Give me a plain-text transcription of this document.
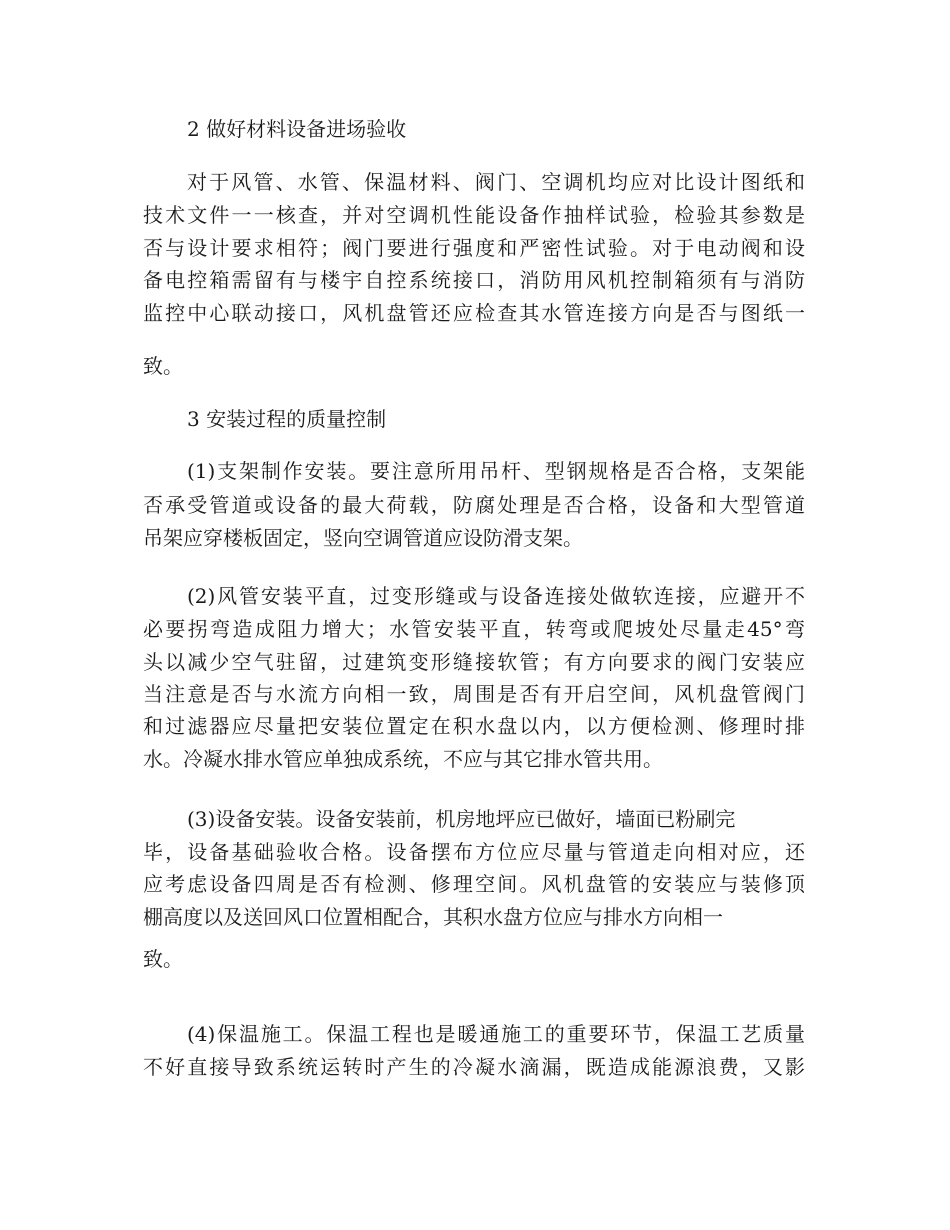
2 做好材料设备进场验收
对于风管、水管、保温材料、阀门、空调机均应对比设计图纸和
技术文件一一核查，并对空调机性能设备作抽样试验，检验其参数是
否与设计要求相符；阀门要进行强度和严密性试验。对于电动阀和设
备电控箱需留有与楼宇自控系统接口，消防用风机控制箱须有与消防
监控中心联动接口，风机盘管还应检查其水管连接方向是否与图纸一
致。
3 安装过程的质量控制
(1)支架制作安装。要注意所用吊杆、型钢规格是否合格，支架能
否承受管道或设备的最大荷载，防腐处理是否合格，设备和大型管道
吊架应穿楼板固定，竖向空调管道应设防滑支架。
(2)风管安装平直，过变形缝或与设备连接处做软连接，应避开不
必要拐弯造成阻力增大；水管安装平直，转弯或爬坡处尽量走45°弯
头以减少空气驻留，过建筑变形缝接软管；有方向要求的阀门安装应
当注意是否与水流方向相一致，周围是否有开启空间，风机盘管阀门
和过滤器应尽量把安装位置定在积水盘以内，以方便检测、修理时排
水。冷凝水排水管应单独成系统，不应与其它排水管共用。
(3)设备安装。设备安装前，机房地坪应已做好，墙面已粉刷完
毕，设备基础验收合格。设备摆布方位应尽量与管道走向相对应，还
应考虑设备四周是否有检测、修理空间。风机盘管的安装应与装修顶
棚高度以及送回风口位置相配合，其积水盘方位应与排水方向相一
致。
(4)保温施工。保温工程也是暖通施工的重要环节，保温工艺质量
不好直接导致系统运转时产生的冷凝水滴漏，既造成能源浪费，又影
